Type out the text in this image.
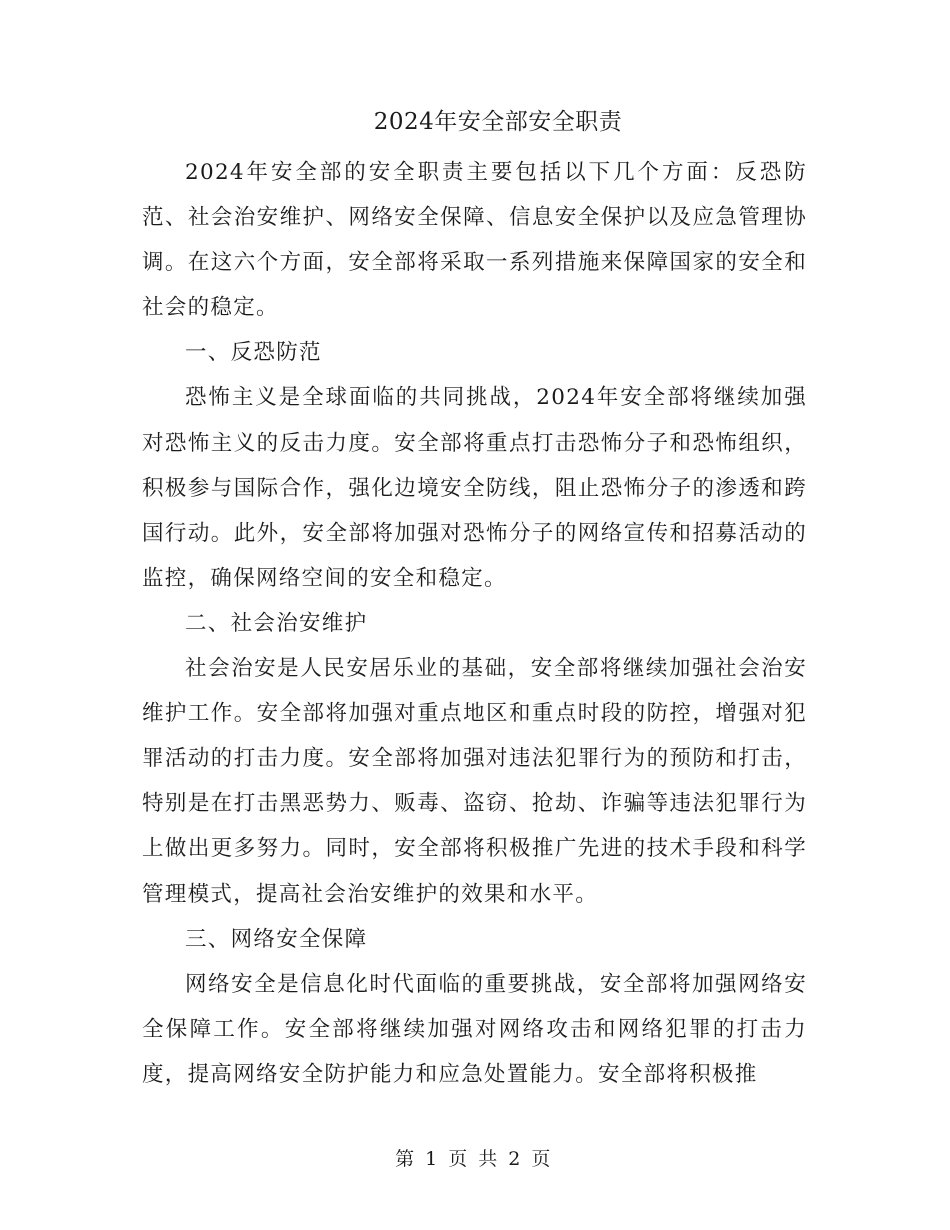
2024年安全部安全职责

2024年安全部的安全职责主要包括以下几个方面：反恐防范、社会治安维护、网络安全保障、信息安全保护以及应急管理协调。在这六个方面，安全部将采取一系列措施来保障国家的安全和社会的稳定。

一、反恐防范

恐怖主义是全球面临的共同挑战，2024年安全部将继续加强对恐怖主义的反击力度。安全部将重点打击恐怖分子和恐怖组织，积极参与国际合作，强化边境安全防线，阻止恐怖分子的渗透和跨国行动。此外，安全部将加强对恐怖分子的网络宣传和招募活动的监控，确保网络空间的安全和稳定。

二、社会治安维护

社会治安是人民安居乐业的基础，安全部将继续加强社会治安维护工作。安全部将加强对重点地区和重点时段的防控，增强对犯罪活动的打击力度。安全部将加强对违法犯罪行为的预防和打击，特别是在打击黑恶势力、贩毒、盗窃、抢劫、诈骗等违法犯罪行为上做出更多努力。同时，安全部将积极推广先进的技术手段和科学管理模式，提高社会治安维护的效果和水平。

三、网络安全保障

网络安全是信息化时代面临的重要挑战，安全部将加强网络安全保障工作。安全部将继续加强对网络攻击和网络犯罪的打击力度，提高网络安全防护能力和应急处置能力。安全部将积极推

第 1 页 共 2 页
